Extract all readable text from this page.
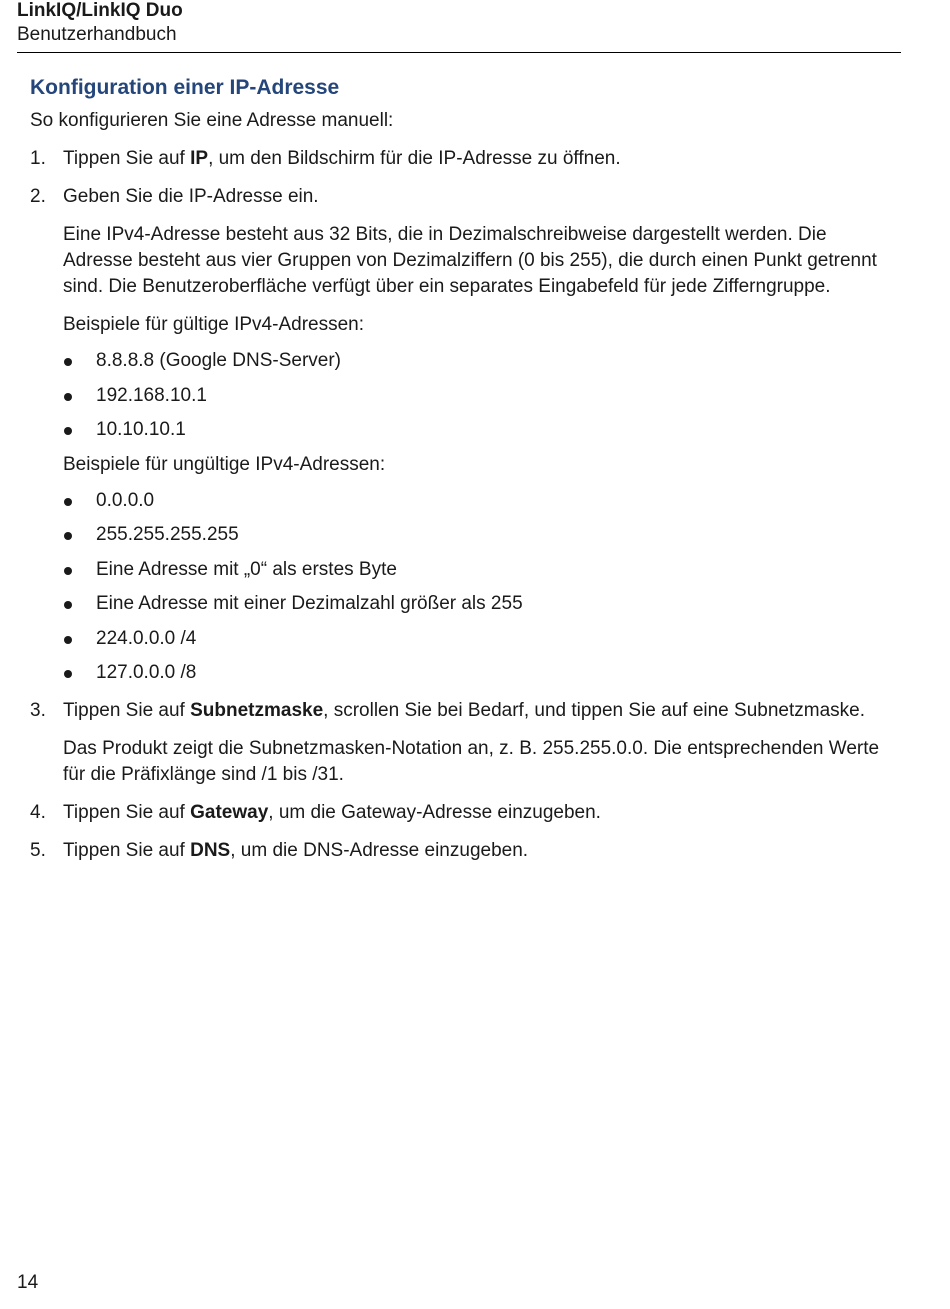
LinkIQ/LinkIQ Duo
Benutzerhandbuch
Konfiguration einer IP-Adresse

So konfigurieren Sie eine Adresse manuell:

1. Tippen Sie auf IP, um den Bildschirm für die IP-Adresse zu öffnen.

2. Geben Sie die IP-Adresse ein.

Eine IPv4-Adresse besteht aus 32 Bits, die in Dezimalschreibweise dargestellt werden. Die Adresse besteht aus vier Gruppen von Dezimalziffern (0 bis 255), die durch einen Punkt getrennt sind. Die Benutzeroberfläche verfügt über ein separates Eingabefeld für jede Zifferngruppe.

Beispiele für gültige IPv4-Adressen:

8.8.8.8 (Google DNS-Server)
192.168.10.1
10.10.10.1

Beispiele für ungültige IPv4-Adressen:

0.0.0.0
255.255.255.255
Eine Adresse mit „0“ als erstes Byte
Eine Adresse mit einer Dezimalzahl größer als 255
224.0.0.0 /4
127.0.0.0 /8
3. Tippen Sie auf Subnetzmaske, scrollen Sie bei Bedarf, und tippen Sie auf eine Subnetzmaske.

Das Produkt zeigt die Subnetzmasken-Notation an, z. B. 255.255.0.0. Die entsprechenden Werte für die Präfixlänge sind /1 bis /31.

4. Tippen Sie auf Gateway, um die Gateway-Adresse einzugeben.

5. Tippen Sie auf DNS, um die DNS-Adresse einzugeben.

14
